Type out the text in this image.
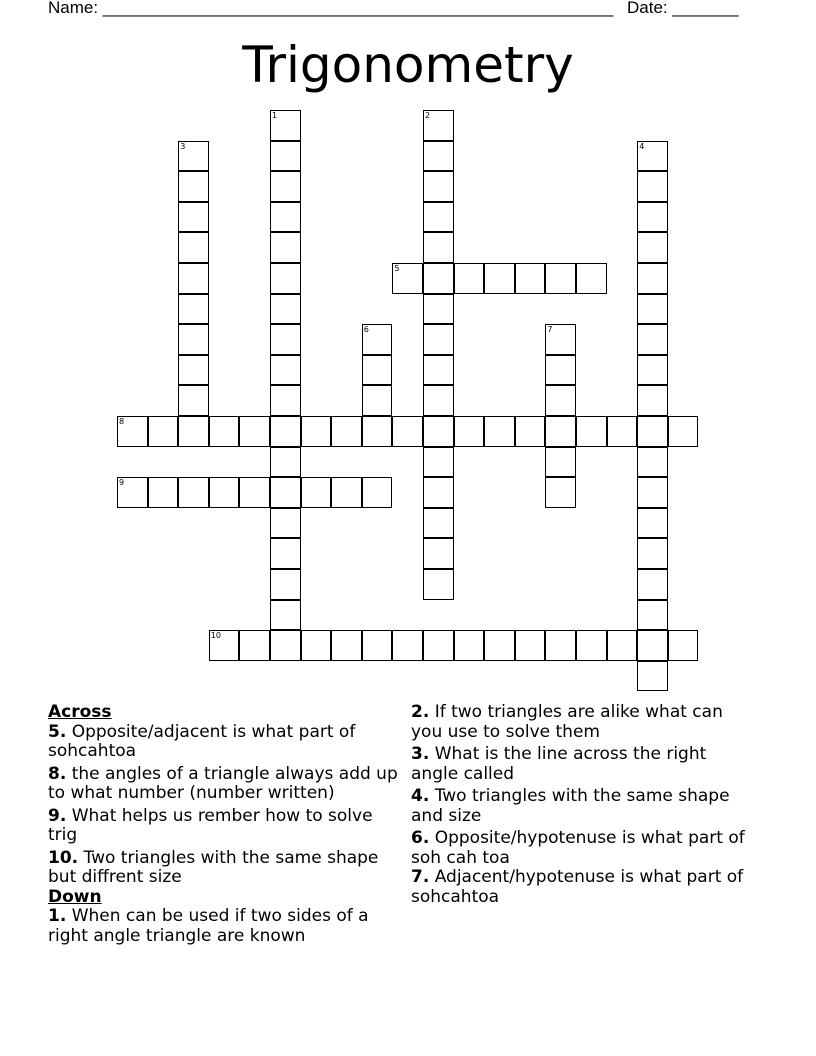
Name: ______________________________________________________ Date: _______
Trigonometry
5
8
9
10
1	2
3	4
6	7
Across
5. Opposite/adjacent is what part of sohcahtoa
8. the angles of a triangle always add up to what number (number written)
9. What helps us rember how to solve trig
10. Two triangles with the same shape but diffrent size
Down
1. When can be used if two sides of a right angle triangle are known
2. If two triangles are alike what can you use to solve them
3. What is the line across the right angle called
4. Two triangles with the same shape and size
6. Opposite/hypotenuse is what part of soh cah toa
7. Adjacent/hypotenuse is what part of sohcahtoa
